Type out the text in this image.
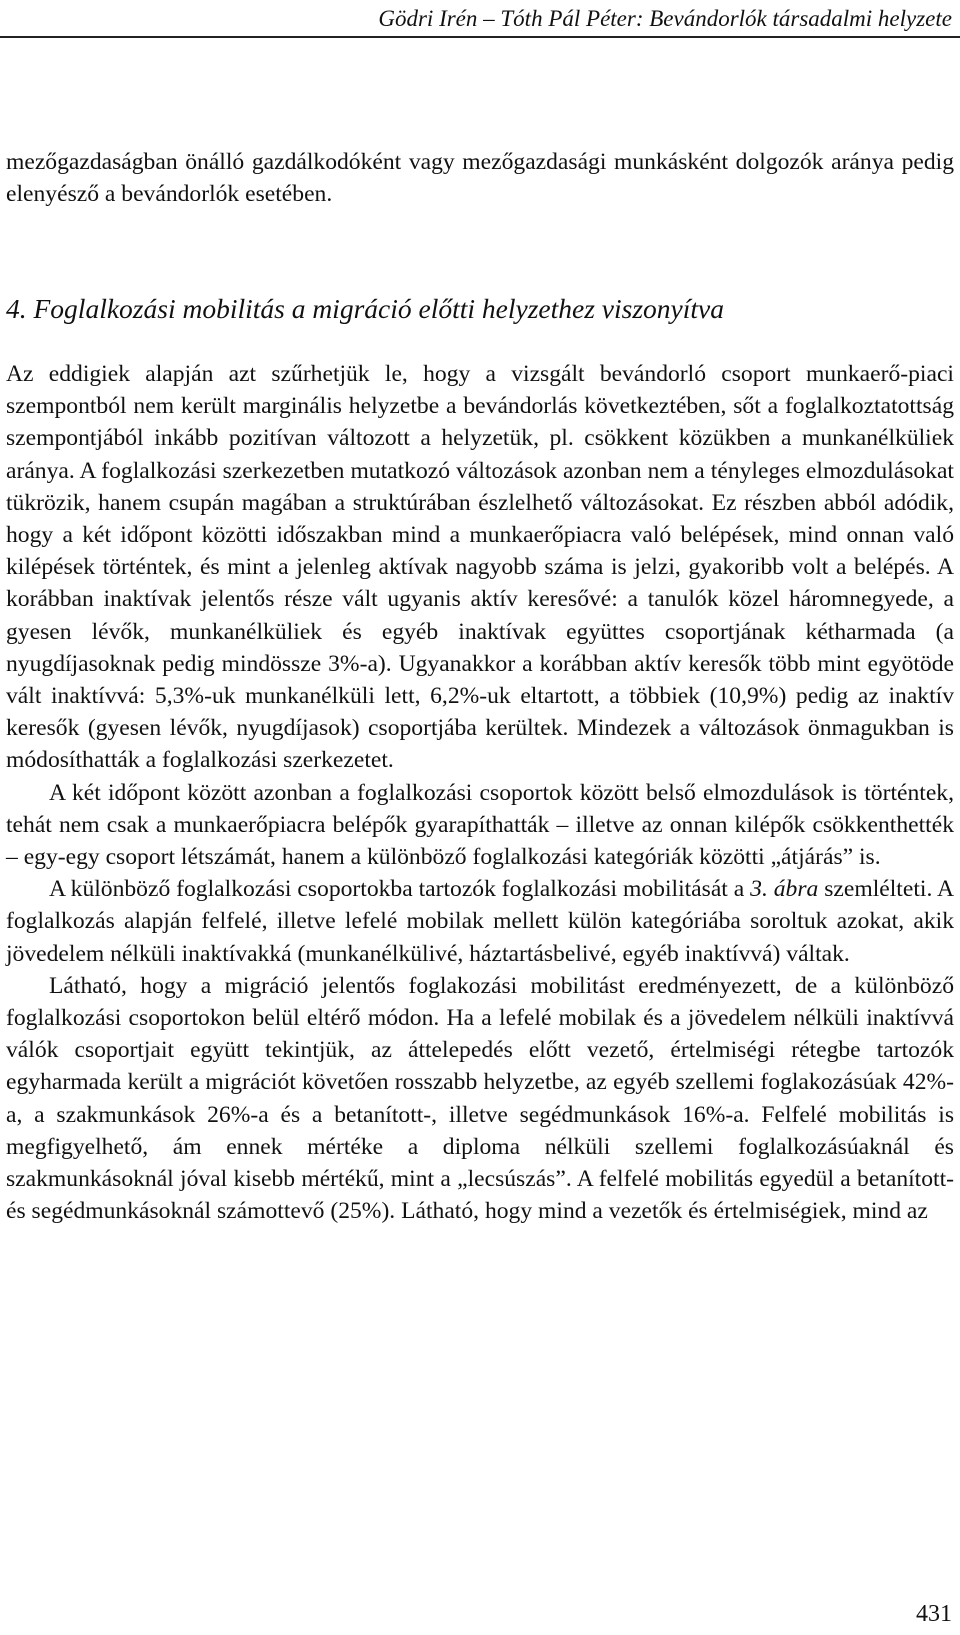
Gödri Irén – Tóth Pál Péter: Bevándorlók társadalmi helyzete

mezőgazdaságban önálló gazdálkodóként vagy mezőgazdasági munkásként dolgozók aránya pedig elenyésző a bevándorlók esetében.

4. Foglalkozási mobilitás a migráció előtti helyzethez viszonyítva

Az eddigiek alapján azt szűrhetjük le, hogy a vizsgált bevándorló csoport munkaerő-piaci szempontból nem került marginális helyzetbe a bevándorlás következtében, sőt a foglalkoztatottság szempontjából inkább pozitívan változott a helyzetük, pl. csökkent közükben a munkanélküliek aránya. A foglalkozási szerkezetben mutatkozó változások azonban nem a tényleges elmozdulásokat tükrözik, hanem csupán magában a struktúrában észlelhető változásokat. Ez részben abból adódik, hogy a két időpont közötti időszakban mind a munkaerőpiacra való belépések, mind onnan való kilépések történtek, és mint a jelenleg aktívak nagyobb száma is jelzi, gyakoribb volt a belépés. A korábban inaktívak jelentős része vált ugyanis aktív keresővé: a tanulók közel háromnegyede, a gyesen lévők, munkanélküliek és egyéb inaktívak együttes csoportjának kétharmada (a nyugdíjasoknak pedig mindössze 3%-a). Ugyanakkor a korábban aktív keresők több mint egyötöde vált inaktívvá: 5,3%-uk munkanélküli lett, 6,2%-uk eltartott, a többiek (10,9%) pedig az inaktív keresők (gyesen lévők, nyugdíjasok) csoportjába kerültek. Mindezek a változások önmagukban is módosíthatták a foglalkozási szerkezetet.

A két időpont között azonban a foglalkozási csoportok között belső elmozdulások is történtek, tehát nem csak a munkaerőpiacra belépők gyarapíthatták – illetve az onnan kilépők csökkenthették – egy-egy csoport létszámát, hanem a különböző foglalkozási kategóriák közötti „átjárás” is.

A különböző foglalkozási csoportokba tartozók foglalkozási mobilitását a 3. ábra szemlélteti. A foglalkozás alapján felfelé, illetve lefelé mobilak mellett külön kategóriába soroltuk azokat, akik jövedelem nélküli inaktívakká (munkanélkülivé, háztartásbelivé, egyéb inaktívvá) váltak.

Látható, hogy a migráció jelentős foglakozási mobilitást eredményezett, de a különböző foglalkozási csoportokon belül eltérő módon. Ha a lefelé mobilak és a jövedelem nélküli inaktívvá válók csoportjait együtt tekintjük, az áttelepedés előtt vezető, értelmiségi rétegbe tartozók egyharmada került a migrációt követően rosszabb helyzetbe, az egyéb szellemi foglakozásúak 42%-a, a szakmunkások 26%-a és a betanított-, illetve segédmunkások 16%-a. Felfelé mobilitás is megfigyelhető, ám ennek mértéke a diploma nélküli szellemi foglalkozásúaknál és szakmunkásoknál jóval kisebb mértékű, mint a „lecsúszás”. A felfelé mobilitás egyedül a betanított- és segédmunkásoknál számottevő (25%). Látható, hogy mind a vezetők és értelmiségiek, mind az

431
